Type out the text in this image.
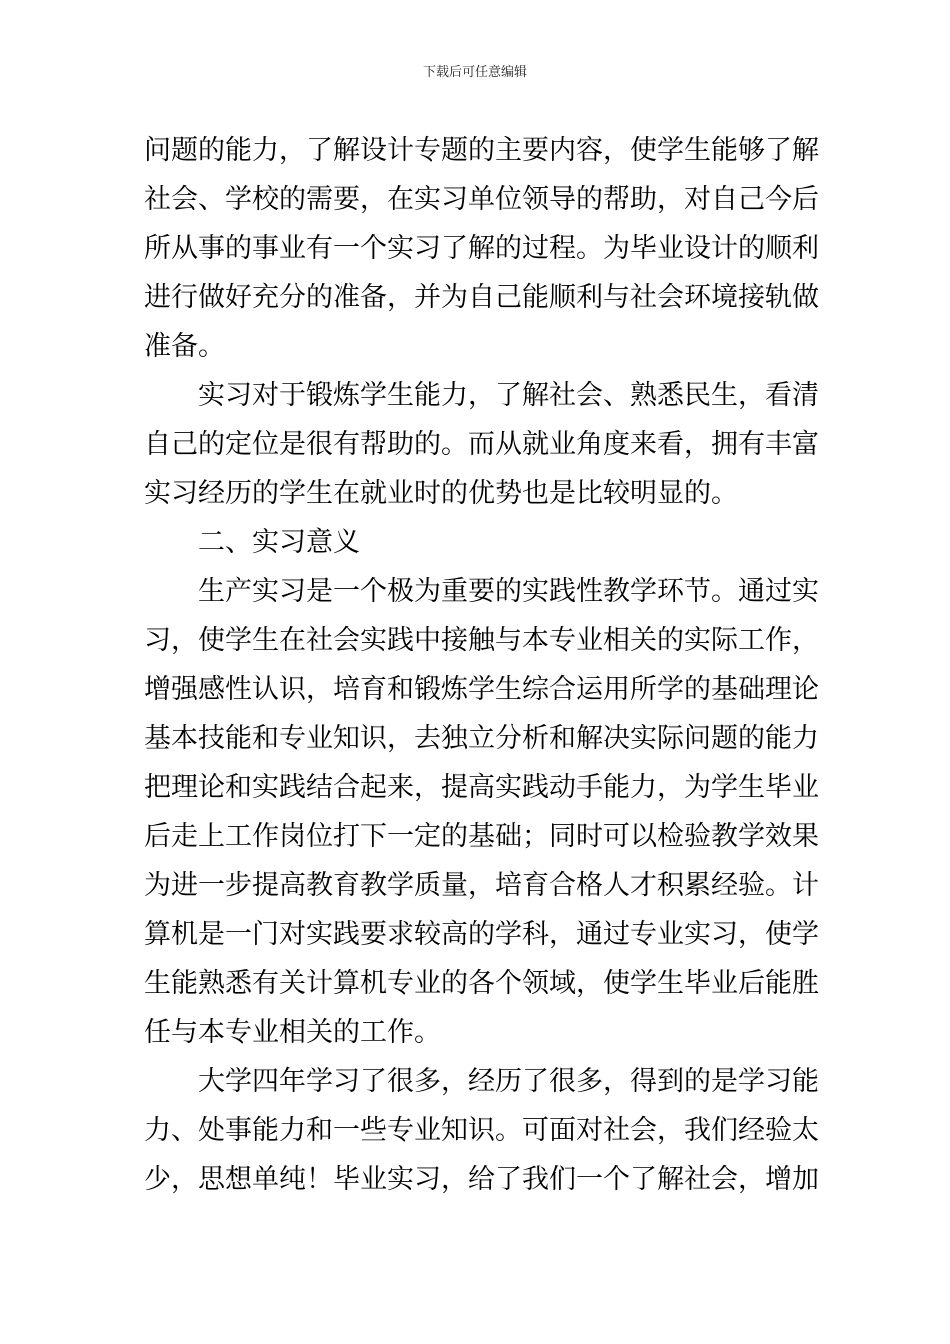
下载后可任意编辑
问题的能力，了解设计专题的主要内容，使学生能够了解
社会、学校的需要，在实习单位领导的帮助，对自己今后
所从事的事业有一个实习了解的过程。为毕业设计的顺利
进行做好充分的准备，并为自己能顺利与社会环境接轨做
准备。
实习对于锻炼学生能力，了解社会、熟悉民生，看清
自己的定位是很有帮助的。而从就业角度来看，拥有丰富
实习经历的学生在就业时的优势也是比较明显的。
二、实习意义
生产实习是一个极为重要的实践性教学环节。通过实
习，使学生在社会实践中接触与本专业相关的实际工作，
增强感性认识，培育和锻炼学生综合运用所学的基础理论
基本技能和专业知识，去独立分析和解决实际问题的能力
把理论和实践结合起来，提高实践动手能力，为学生毕业
后走上工作岗位打下一定的基础；同时可以检验教学效果
为进一步提高教育教学质量，培育合格人才积累经验。计
算机是一门对实践要求较高的学科，通过专业实习，使学
生能熟悉有关计算机专业的各个领域，使学生毕业后能胜
任与本专业相关的工作。
大学四年学习了很多，经历了很多，得到的是学习能
力、处事能力和一些专业知识。可面对社会，我们经验太
少，思想单纯！毕业实习，给了我们一个了解社会，增加
